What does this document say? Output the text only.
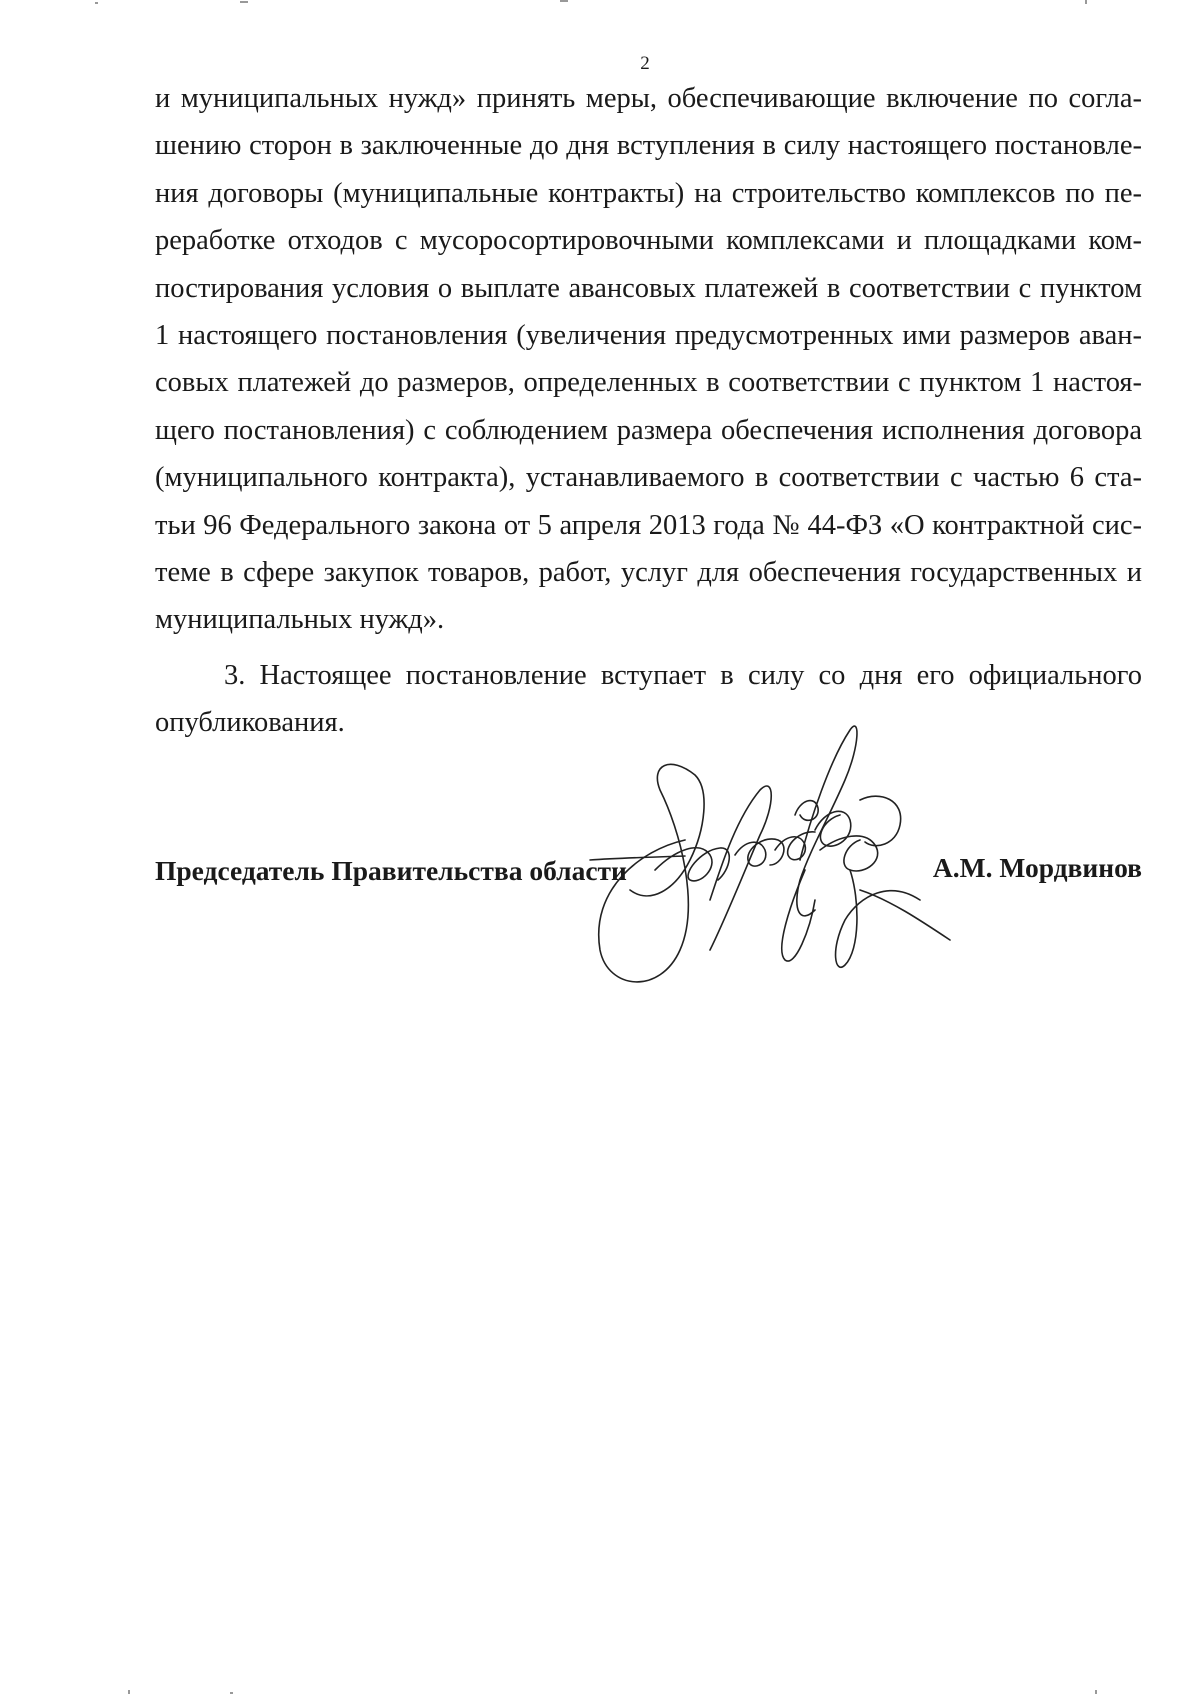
2
и муниципальных нужд» принять меры, обеспечивающие включение по согла-
шению сторон в заключенные до дня вступления в силу настоящего постановле-
ния договоры (муниципальные контракты) на строительство комплексов по пе-
реработке отходов с мусоросортировочными комплексами и площадками ком-
постирования условия о выплате авансовых платежей в соответствии с пунктом
1 настоящего постановления (увеличения предусмотренных ими размеров аван-
совых платежей до размеров, определенных в соответствии с пунктом 1 настоя-
щего постановления) с соблюдением размера обеспечения исполнения договора
(муниципального контракта), устанавливаемого в соответствии с частью 6 ста-
тьи 96 Федерального закона от 5 апреля 2013 года № 44-ФЗ «О контрактной сис-
теме в сфере закупок товаров, работ, услуг для обеспечения государственных и
муниципальных нужд».
3. Настоящее постановление вступает в силу со дня его официального
опубликования.
Председатель Правительства области	А.М. Мордвинов
